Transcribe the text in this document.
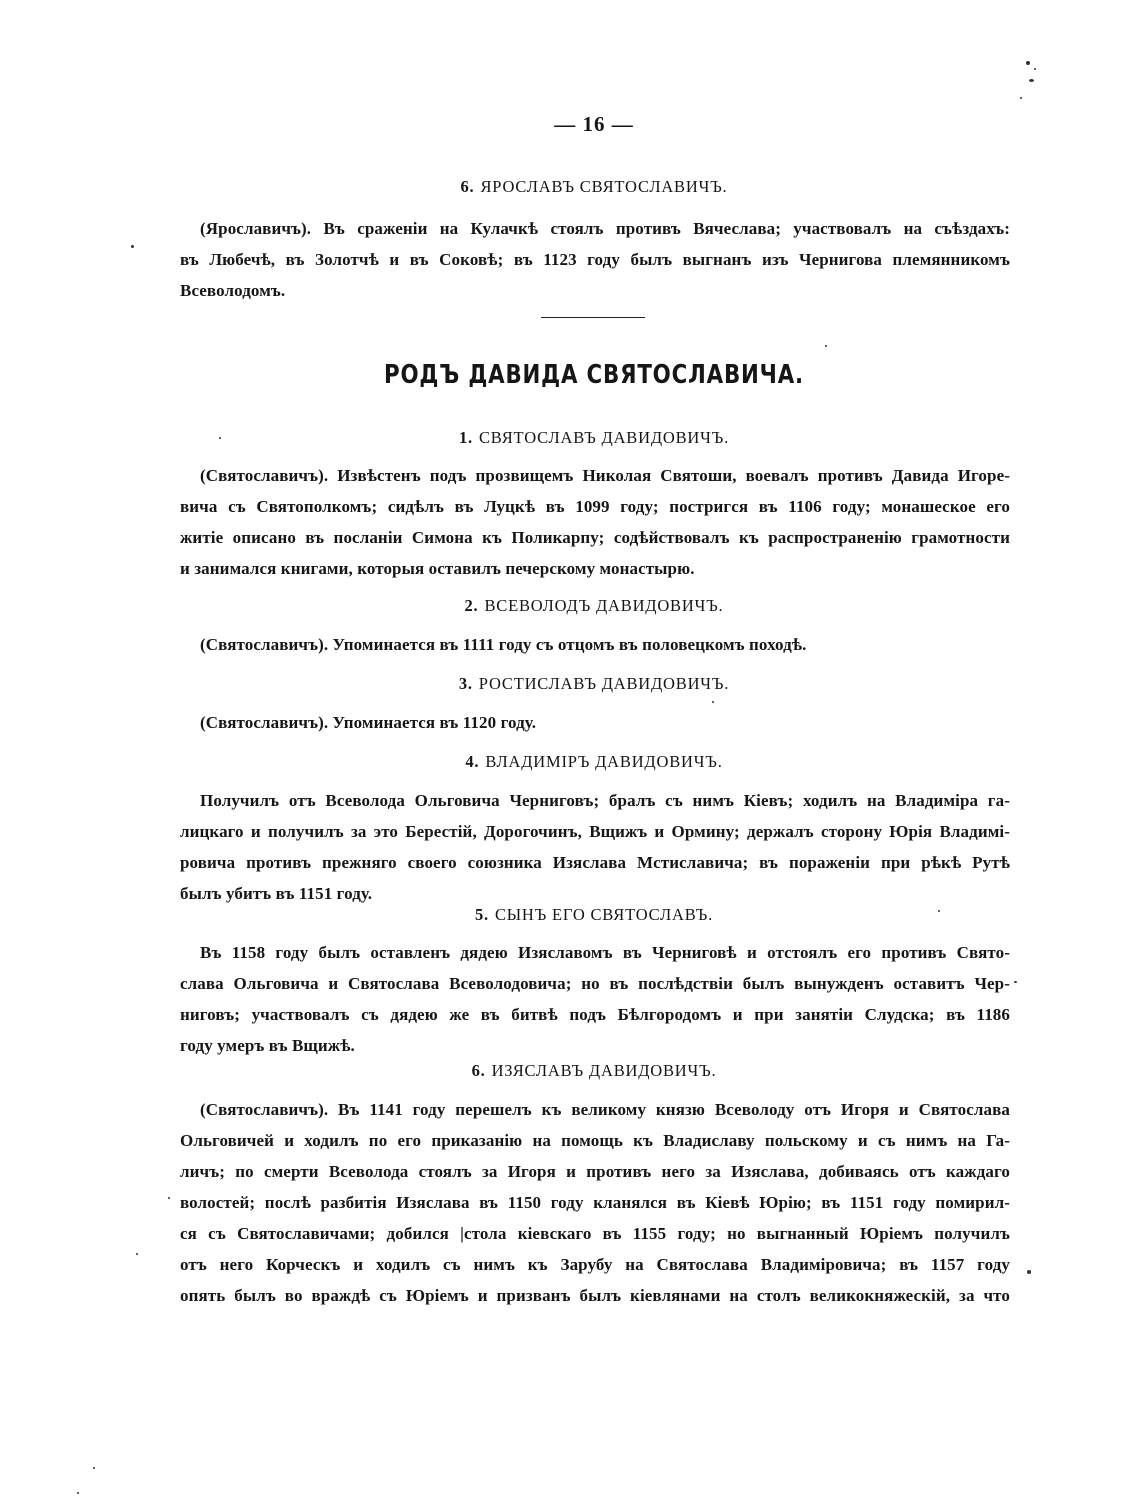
— 16 —
6. ЯРОСЛАВЪ СВЯТОСЛАВИЧЪ.
(Ярославичъ). Въ сраженіи на Кулачкѣ стоялъ противъ Вячеслава; участвовалъ на съѣздахъ:
въ Любечѣ, въ Золотчѣ и въ Соковѣ; въ 1123 году былъ выгнанъ изъ Чернигова племянникомъ
Всеволодомъ.
РОДЪ ДАВИДА СВЯТОСЛАВИЧА.
1. СВЯТОСЛАВЪ ДАВИДОВИЧЪ.
(Святославичъ). Извѣстенъ подъ прозвищемъ Николая Святоши, воевалъ противъ Давида Игоре-
вича съ Святополкомъ; сидѣлъ въ Луцкѣ въ 1099 году; постригся въ 1106 году; монашеское его
житіе описано въ посланіи Симона къ Поликарпу; содѣйствовалъ къ распространенію грамотности
и занимался книгами, которыя оставилъ печерскому монастырю.
2. ВСЕВОЛОДЪ ДАВИДОВИЧЪ.
(Святославичъ). Упоминается въ 1111 году съ отцомъ въ половецкомъ походѣ.
3. РОСТИСЛАВЪ ДАВИДОВИЧЪ.
(Святославичъ). Упоминается въ 1120 году.
4. ВЛАДИМІРЪ ДАВИДОВИЧЪ.
Получилъ отъ Всеволода Ольговича Черниговъ; бралъ съ нимъ Кіевъ; ходилъ на Владиміра га-
лицкаго и получилъ за это Берестій, Дорогочинъ, Вщижъ и Ормину; держалъ сторону Юрія Владимі-
ровича противъ прежняго своего союзника Изяслава Мстиславича; въ пораженіи при рѣкѣ Рутѣ
былъ убитъ въ 1151 году.
5. СЫНЪ ЕГО СВЯТОСЛАВЪ.
Въ 1158 году былъ оставленъ дядею Изяславомъ въ Черниговѣ и отстоялъ его противъ Свято-
слава Ольговича и Святослава Всеволодовича; но въ послѣдствіи былъ вынужденъ оставитъ Чер-
ниговъ; участвовалъ съ дядею же въ битвѣ подъ Бѣлгородомъ и при занятіи Слудска; въ 1186
году умеръ въ Вщижѣ.
6. ИЗЯСЛАВЪ ДАВИДОВИЧЪ.
(Святославичъ). Въ 1141 году перешелъ къ великому князю Всеволоду отъ Игоря и Святослава
Ольговичей и ходилъ по его приказанію на помощь къ Владиславу польскому и съ нимъ на Га-
личъ; по смерти Всеволода стоялъ за Игоря и противъ него за Изяслава, добиваясь отъ каждаго
волостей; послѣ разбитія Изяслава въ 1150 году кланялся въ Кіевѣ Юрію; въ 1151 году помирил-
ся съ Святославичами; добился |стола кіевскаго въ 1155 году; но выгнанный Юріемъ получилъ
отъ него Корческъ и ходилъ съ нимъ къ Зарубу на Святослава Владиміровича; въ 1157 году
опять былъ во враждѣ съ Юріемъ и призванъ былъ кіевлянами на столъ великокняжескій, за что
